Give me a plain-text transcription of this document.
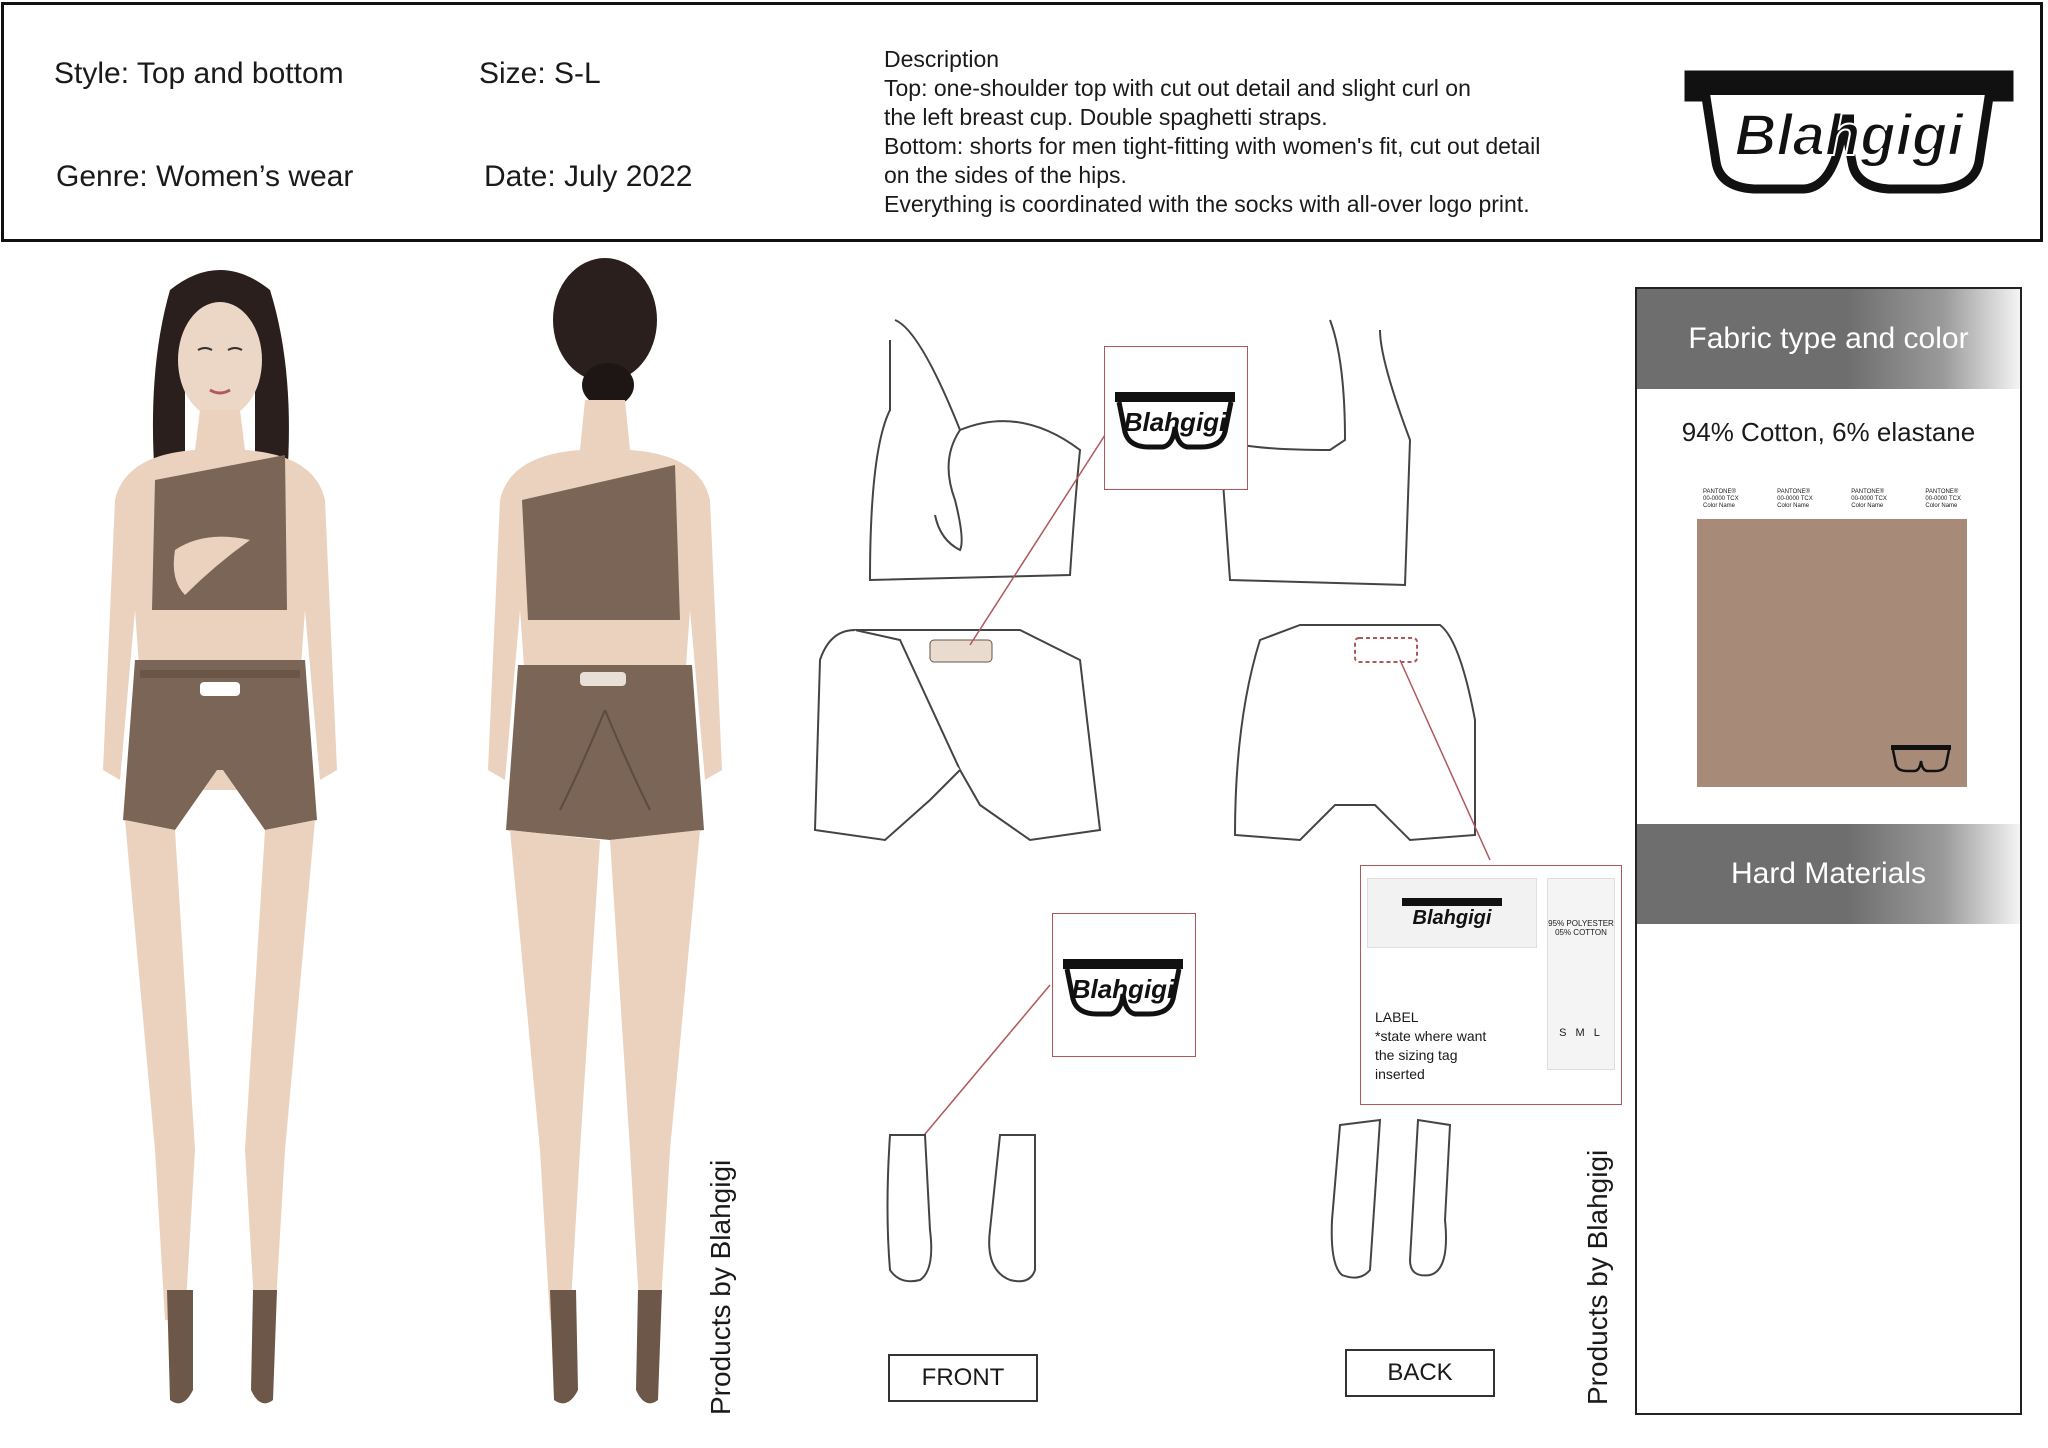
Style: Top and bottom	Size: S-L
Genre: Women’s wear	Date: July 2022
Description
Top: one-shoulder top with cut out detail and slight curl on
the left breast cup. Double spaghetti straps.
Bottom: shorts for men tight-fitting with women's fit, cut out detail
on the sides of the hips.
Everything is coordinated with the socks with all-over logo print.
Blahgigi
Products by Blahgigi
Blahgigi
Blahgigi	95% POLYESTER
05% COTTON
S M L
LABEL
*state where want
the sizing tag
inserted
Blahgigi
FRONT	BACK	Products by Blahgigi
Fabric type and color
94% Cotton, 6% elastane
PANTONE®
00-0000 TCX
Color Name
PANTONE®
00-0000 TCX
Color Name
PANTONE®
00-0000 TCX
Color Name
PANTONE®
00-0000 TCX
Color Name
Hard Materials
